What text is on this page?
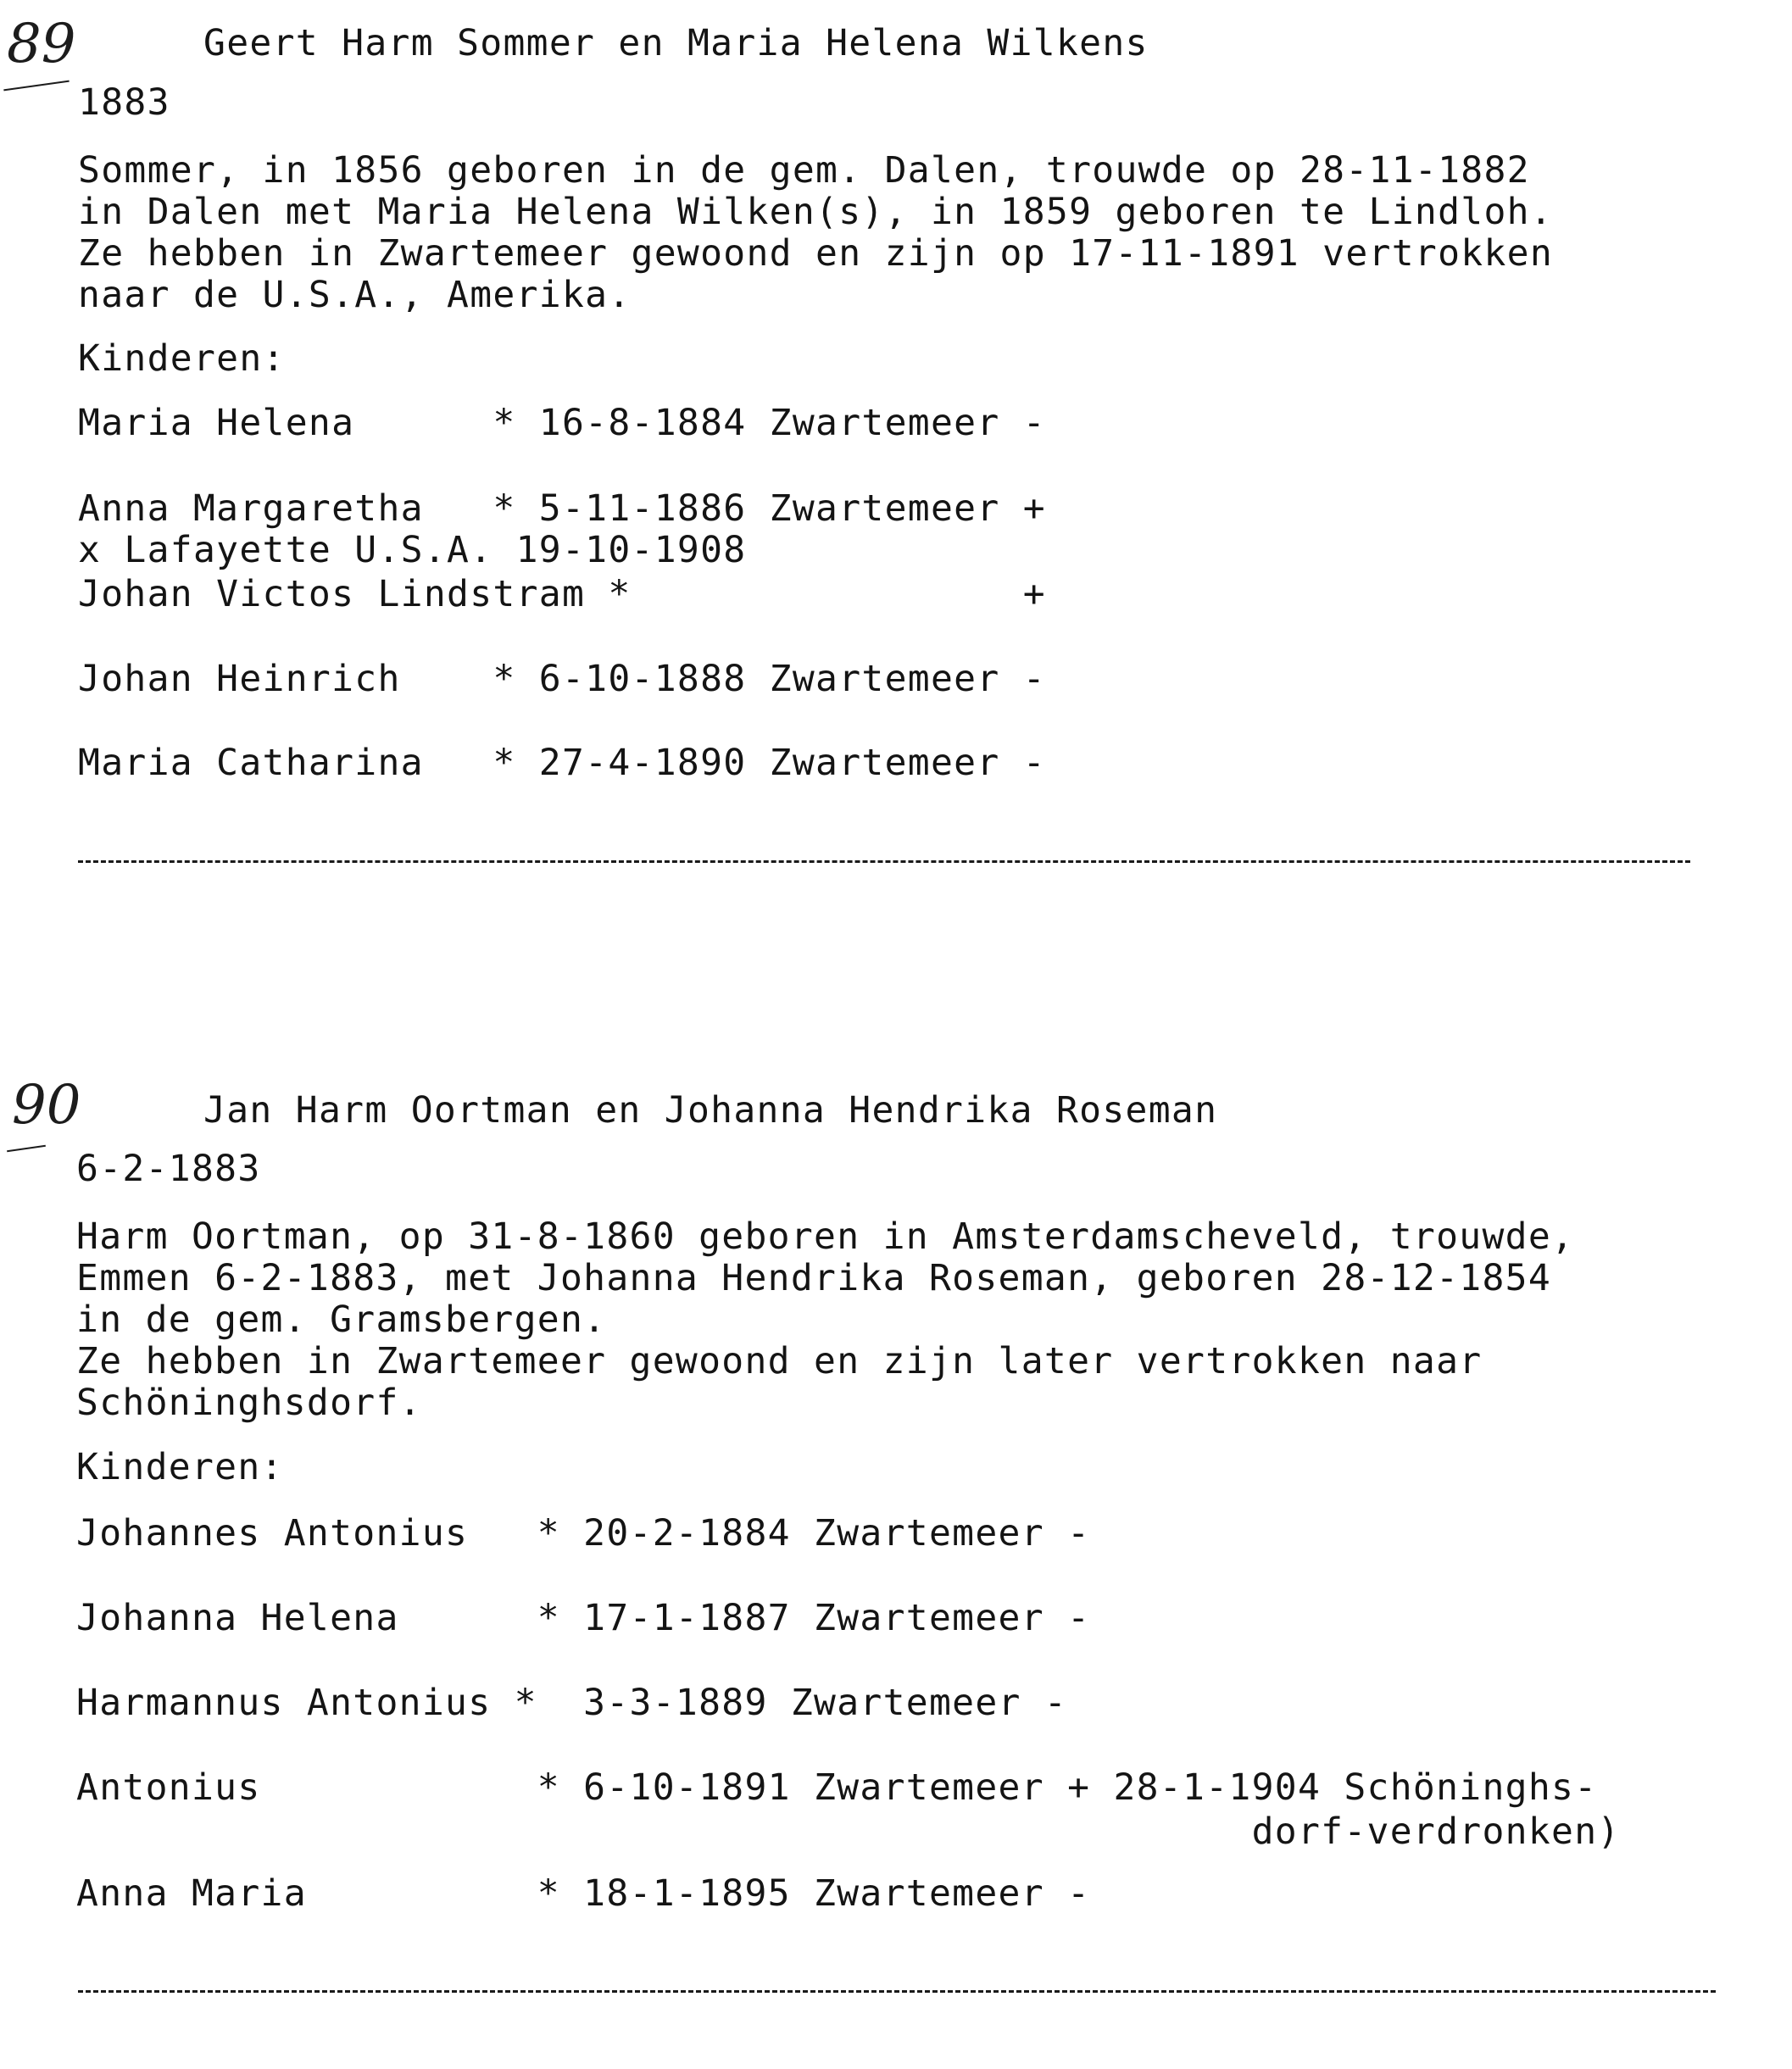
89	Geert Harm Sommer en Maria Helena Wilkens
1883
Sommer, in 1856 geboren in de gem. Dalen, trouwde op 28-11-1882
in Dalen met Maria Helena Wilken(s), in 1859 geboren te Lindloh.
Ze hebben in Zwartemeer gewoond en zijn op 17-11-1891 vertrokken
naar de U.S.A., Amerika.
Kinderen:
Maria Helena      * 16-8-1884 Zwartemeer -
Anna Margaretha   * 5-11-1886 Zwartemeer +
x Lafayette U.S.A. 19-10-1908
Johan Victos Lindstram *                 +
Johan Heinrich    * 6-10-1888 Zwartemeer -
Maria Catharina   * 27-4-1890 Zwartemeer -
90	Jan Harm Oortman en Johanna Hendrika Roseman
6-2-1883
Harm Oortman, op 31-8-1860 geboren in Amsterdamscheveld, trouwde,
Emmen 6-2-1883, met Johanna Hendrika Roseman, geboren 28-12-1854
in de gem. Gramsbergen.
Ze hebben in Zwartemeer gewoond en zijn later vertrokken naar
Schöninghsdorf.
Kinderen:
Johannes Antonius   * 20-2-1884 Zwartemeer -
Johanna Helena      * 17-1-1887 Zwartemeer -
Harmannus Antonius *  3-3-1889 Zwartemeer -
Antonius            * 6-10-1891 Zwartemeer + 28-1-1904 Schöninghs-
dorf-verdronken)
Anna Maria          * 18-1-1895 Zwartemeer -
